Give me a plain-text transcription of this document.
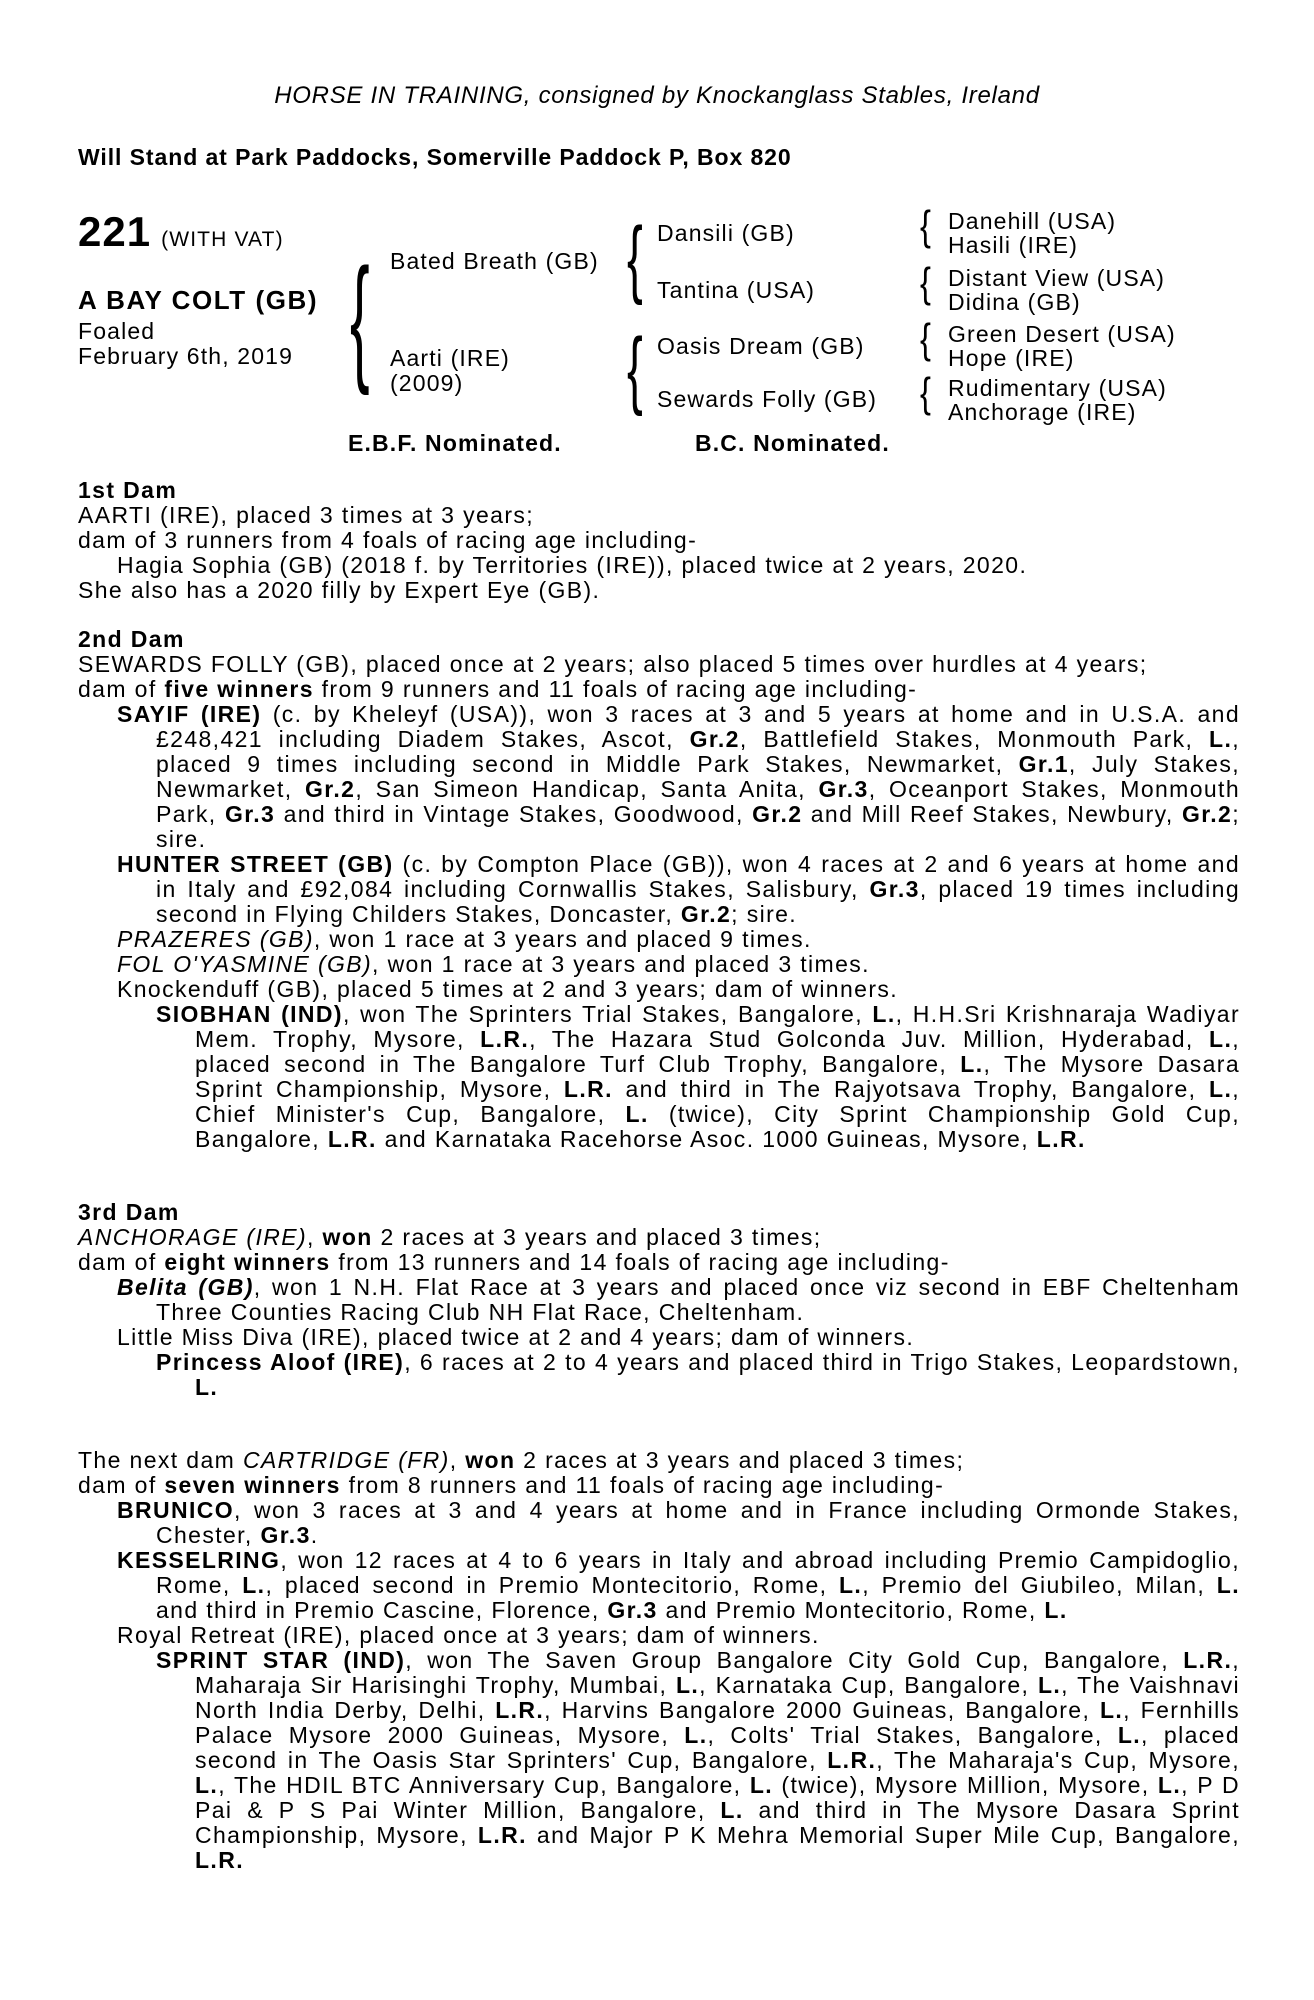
HORSE IN TRAINING, consigned by Knockanglass Stables, Ireland
Will Stand at Park Paddocks, Somerville Paddock P, Box 820
221 (WITH VAT)
A BAY COLT (GB)
Foaled
February 6th, 2019 { Bated Breath (GB)
Aarti (IRE)
(2009)
{
{
Dansili (GB)
Tantina (USA)
Oasis Dream (GB)
Sewards Folly (GB)
{
{
{
{
Danehill (USA)
Hasili (IRE)
Distant View (USA)
Didina (GB)
Green Desert (USA)
Hope (IRE)
Rudimentary (USA)
Anchorage (IRE)
E.B.F. Nominated.	B.C. Nominated.
1st Dam

AARTI (IRE), placed 3 times at 3 years;

dam of 3 runners from 4 foals of racing age including-

Hagia Sophia (GB) (2018 f. by Territories (IRE)), placed twice at 2 years, 2020.

She also has a 2020 filly by Expert Eye (GB).

2nd Dam

SEWARDS FOLLY (GB), placed once at 2 years; also placed 5 times over hurdles at 4 years;

dam of five winners from 9 runners and 11 foals of racing age including-

SAYIF (IRE) (c. by Kheleyf (USA)), won 3 races at 3 and 5 years at home and in U.S.A. and £248,421 including Diadem Stakes, Ascot, Gr.2, Battlefield Stakes, Monmouth Park, L., placed 9 times including second in Middle Park Stakes, Newmarket, Gr.1, July Stakes, Newmarket, Gr.2, San Simeon Handicap, Santa Anita, Gr.3, Oceanport Stakes, Monmouth Park, Gr.3 and third in Vintage Stakes, Goodwood, Gr.2 and Mill Reef Stakes, Newbury, Gr.2; sire.

HUNTER STREET (GB) (c. by Compton Place (GB)), won 4 races at 2 and 6 years at home and in Italy and £92,084 including Cornwallis Stakes, Salisbury, Gr.3, placed 19 times including second in Flying Childers Stakes, Doncaster, Gr.2; sire.

PRAZERES (GB), won 1 race at 3 years and placed 9 times.

FOL O'YASMINE (GB), won 1 race at 3 years and placed 3 times.

Knockenduff (GB), placed 5 times at 2 and 3 years; dam of winners.

SIOBHAN (IND), won The Sprinters Trial Stakes, Bangalore, L., H.H.Sri Krishnaraja Wadiyar Mem. Trophy, Mysore, L.R., The Hazara Stud Golconda Juv. Million, Hyderabad, L., placed second in The Bangalore Turf Club Trophy, Bangalore, L., The Mysore Dasara Sprint Championship, Mysore, L.R. and third in The Rajyotsava Trophy, Bangalore, L., Chief Minister's Cup, Bangalore, L. (twice), City Sprint Championship Gold Cup, Bangalore, L.R. and Karnataka Racehorse Asoc. 1000 Guineas, Mysore, L.R.

3rd Dam

ANCHORAGE (IRE), won 2 races at 3 years and placed 3 times;

dam of eight winners from 13 runners and 14 foals of racing age including-

Belita (GB), won 1 N.H. Flat Race at 3 years and placed once viz second in EBF Cheltenham Three Counties Racing Club NH Flat Race, Cheltenham.

Little Miss Diva (IRE), placed twice at 2 and 4 years; dam of winners.

Princess Aloof (IRE), 6 races at 2 to 4 years and placed third in Trigo Stakes, Leopardstown, L.

The next dam CARTRIDGE (FR), won 2 races at 3 years and placed 3 times;

dam of seven winners from 8 runners and 11 foals of racing age including-

BRUNICO, won 3 races at 3 and 4 years at home and in France including Ormonde Stakes, Chester, Gr.3.

KESSELRING, won 12 races at 4 to 6 years in Italy and abroad including Premio Campidoglio, Rome, L., placed second in Premio Montecitorio, Rome, L., Premio del Giubileo, Milan, L. and third in Premio Cascine, Florence, Gr.3 and Premio Montecitorio, Rome, L.

Royal Retreat (IRE), placed once at 3 years; dam of winners.

SPRINT STAR (IND), won The Saven Group Bangalore City Gold Cup, Bangalore, L.R., Maharaja Sir Harisinghi Trophy, Mumbai, L., Karnataka Cup, Bangalore, L., The Vaishnavi North India Derby, Delhi, L.R., Harvins Bangalore 2000 Guineas, Bangalore, L., Fernhills Palace Mysore 2000 Guineas, Mysore, L., Colts' Trial Stakes, Bangalore, L., placed second in The Oasis Star Sprinters' Cup, Bangalore, L.R., The Maharaja's Cup, Mysore, L., The HDIL BTC Anniversary Cup, Bangalore, L. (twice), Mysore Million, Mysore, L., P D Pai & P S Pai Winter Million, Bangalore, L. and third in The Mysore Dasara Sprint Championship, Mysore, L.R. and Major P K Mehra Memorial Super Mile Cup, Bangalore, L.R.
